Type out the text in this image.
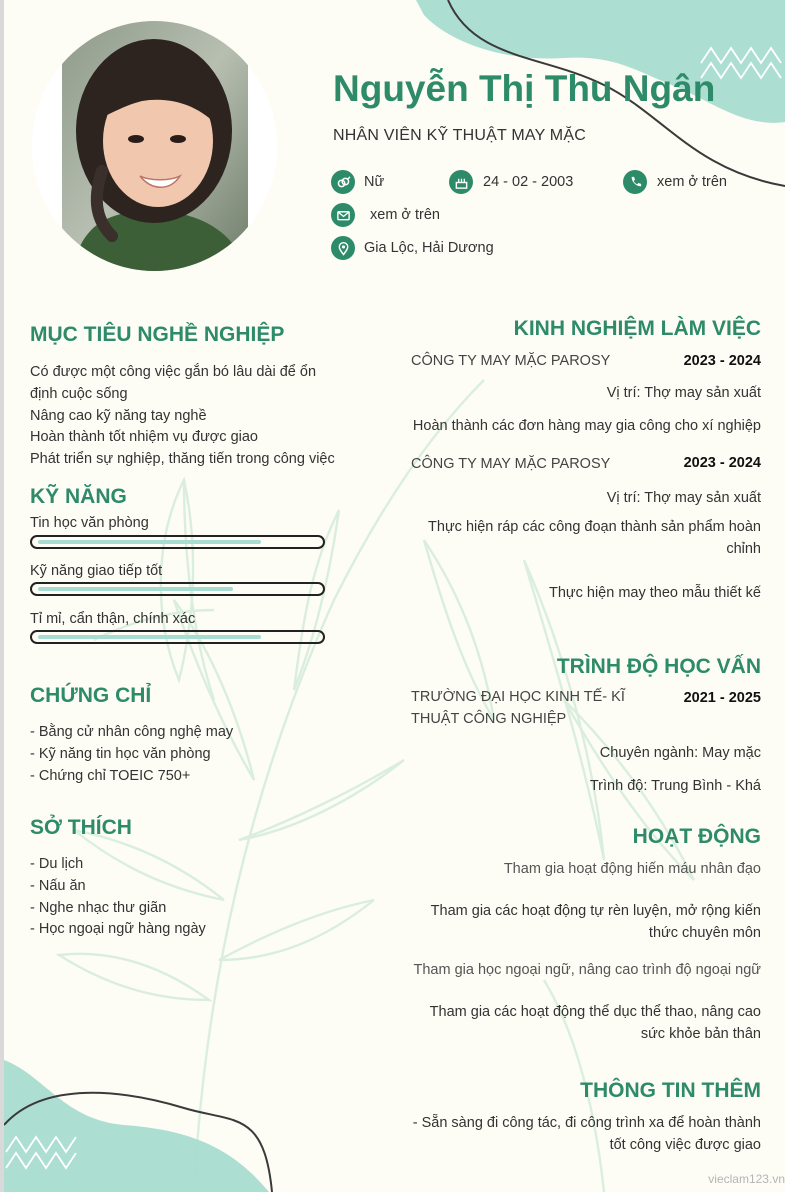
Nguyễn Thị Thu Ngân
NHÂN VIÊN KỸ THUẬT MAY MẶC
Nữ	24 - 02 - 2003	xem ở trên
xem ở trên
Gia Lộc, Hải Dương
MỤC TIÊU NGHỀ NGHIỆP
Có được một công việc gắn bó lâu dài để ổn định cuộc sống
Nâng cao kỹ năng tay nghề
Hoàn thành tốt nhiệm vụ được giao
Phát triển sự nghiệp, thăng tiến trong công việc
KỸ NĂNG
Tin học văn phòng
Kỹ năng giao tiếp tốt
Tỉ mỉ, cẩn thận, chính xác
CHỨNG CHỈ
- Bằng cử nhân công nghệ may
- Kỹ năng tin học văn phòng
- Chứng chỉ TOEIC 750+
SỞ THÍCH
- Du lịch
- Nấu ăn
- Nghe nhạc thư giãn
- Học ngoại ngữ hàng ngày
KINH NGHIỆM LÀM VIỆC
CÔNG TY MAY MẶC PAROSY	2023 - 2024
Vị trí: Thợ may sản xuất
Hoàn thành các đơn hàng may gia công cho xí nghiệp
CÔNG TY MAY MẶC PAROSY	2023 - 2024
Vị trí: Thợ may sản xuất
Thực hiện ráp các công đoạn thành sản phẩm hoàn chỉnh
Thực hiện may theo mẫu thiết kế
TRÌNH ĐỘ HỌC VẤN
TRƯỜNG ĐẠI HỌC KINH TẾ- KĨ THUẬT CÔNG NGHIỆP
2021 - 2025
Chuyên ngành: May mặc
Trình độ: Trung Bình - Khá
HOẠT ĐỘNG
Tham gia hoạt động hiến máu nhân đạo
Tham gia các hoạt động tự rèn luyện, mở rộng kiến thức chuyên môn
Tham gia học ngoại ngữ, nâng cao trình độ ngoại ngữ
Tham gia các hoạt động thể dục thể thao, nâng cao sức khỏe bản thân
THÔNG TIN THÊM
- Sẵn sàng đi công tác, đi công trình xa để hoàn thành tốt công việc được giao
vieclam123.vn
